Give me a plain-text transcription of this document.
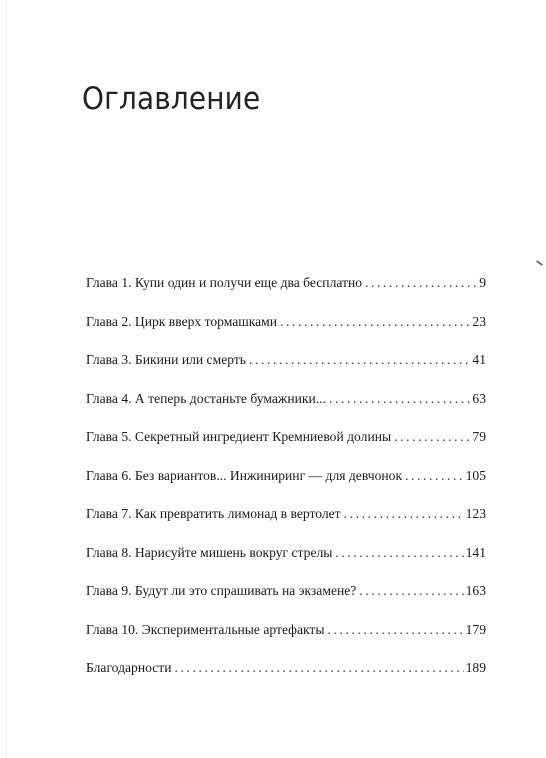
Оглавление
Глава 1. Купи один и получи еще два бесплатно .....	9
Глава 2. Цирк вверх тормашками .....	23
Глава 3. Бикини или смерть .....	41
Глава 4. А теперь достаньте бумажники... .....	63
Глава 5. Секретный ингредиент Кремниевой долины .....	79
Глава 6. Без вариантов... Инжиниринг — для девчонок .....	105
Глава 7. Как превратить лимонад в вертолет .....	123
Глава 8. Нарисуйте мишень вокруг стрелы .....	141
Глава 9. Будут ли это спрашивать на экзамене? .....	163
Глава 10. Экспериментальные артефакты .....	179
Благодарности .....	189
